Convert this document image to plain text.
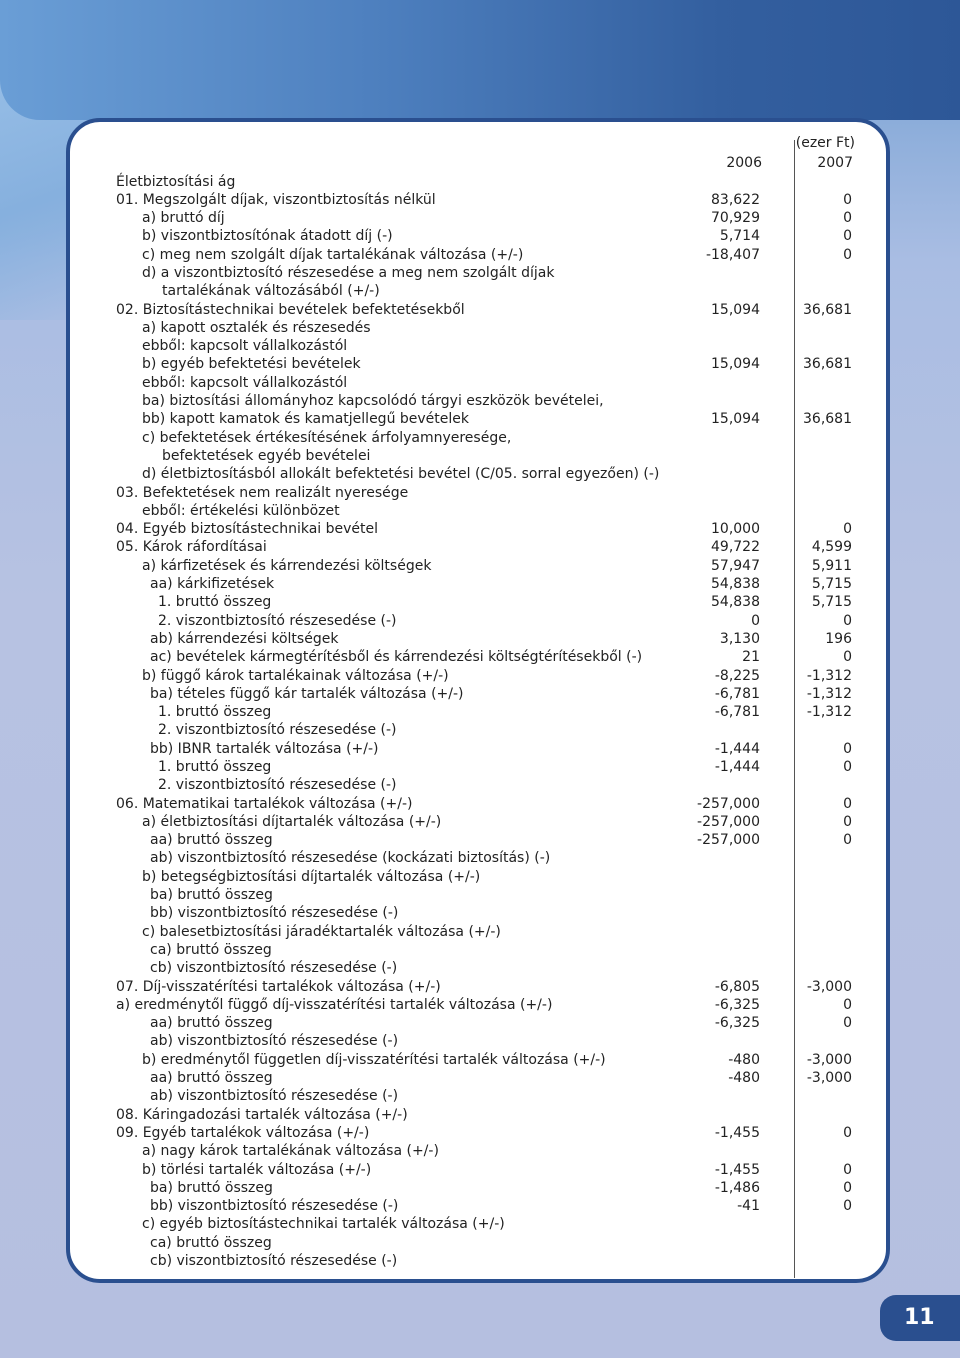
(ezer Ft)
2006	2007
Életbiztosítási ág
01. Megszolgált díjak, viszontbiztosítás nélkül	83,622	0
a) bruttó díj	70,929	0
b) viszontbiztosítónak átadott díj (-)	5,714	0
c) meg nem szolgált díjak tartalékának változása (+/-)	-18,407	0
d) a viszontbiztosító részesedése a meg nem szolgált díjak
tartalékának változásából (+/-)
02. Biztosítástechnikai bevételek befektetésekből	15,094	36,681
a) kapott osztalék és részesedés
ebből: kapcsolt vállalkozástól
b) egyéb befektetési bevételek	15,094	36,681
ebből: kapcsolt vállalkozástól
ba) biztosítási állományhoz kapcsolódó tárgyi eszközök bevételei,
bb) kapott kamatok és kamatjellegű bevételek	15,094	36,681
c) befektetések értékesítésének árfolyamnyeresége,
befektetések egyéb bevételei
d) életbiztosításból allokált befektetési bevétel (C/05. sorral egyezően) (-)
03. Befektetések nem realizált nyeresége
ebből: értékelési különbözet
04. Egyéb biztosítástechnikai bevétel	10,000	0
05. Károk ráfordításai	49,722	4,599
a) kárfizetések és kárrendezési költségek	57,947	5,911
aa) kárkifizetések	54,838	5,715
1. bruttó összeg	54,838	5,715
2. viszontbiztosító részesedése (-)	0	0
ab) kárrendezési költségek	3,130	196
ac) bevételek kármegtérítésből és kárrendezési költségtérítésekből (-)	21	0
b) függő károk tartalékainak változása (+/-)	-8,225	-1,312
ba) tételes függő kár tartalék változása (+/-)	-6,781	-1,312
1. bruttó összeg	-6,781	-1,312
2. viszontbiztosító részesedése (-)
bb) IBNR tartalék változása (+/-)	-1,444	0
1. bruttó összeg	-1,444	0
2. viszontbiztosító részesedése (-)
06. Matematikai tartalékok változása (+/-)	-257,000	0
a) életbiztosítási díjtartalék változása (+/-)	-257,000	0
aa) bruttó összeg	-257,000	0
ab) viszontbiztosító részesedése (kockázati biztosítás) (-)
b) betegségbiztosítási díjtartalék változása (+/-)
ba) bruttó összeg
bb) viszontbiztosító részesedése (-)
c) balesetbiztosítási járadéktartalék változása (+/-)
ca) bruttó összeg
cb) viszontbiztosító részesedése (-)
07. Díj-visszatérítési tartalékok változása (+/-)	-6,805	-3,000
a) eredménytől függő díj-visszatérítési tartalék változása (+/-)	-6,325	0
aa) bruttó összeg	-6,325	0
ab) viszontbiztosító részesedése (-)
b) eredménytől független díj-visszatérítési tartalék változása (+/-)	-480	-3,000
aa) bruttó összeg	-480	-3,000
ab) viszontbiztosító részesedése (-)
08. Káringadozási tartalék változása (+/-)
09. Egyéb tartalékok változása (+/-)	-1,455	0
a) nagy károk tartalékának változása (+/-)
b) törlési tartalék változása (+/-)	-1,455	0
ba) bruttó összeg	-1,486	0
bb) viszontbiztosító részesedése (-)	-41	0
c) egyéb biztosítástechnikai tartalék változása (+/-)
ca) bruttó összeg
cb) viszontbiztosító részesedése (-)
11
